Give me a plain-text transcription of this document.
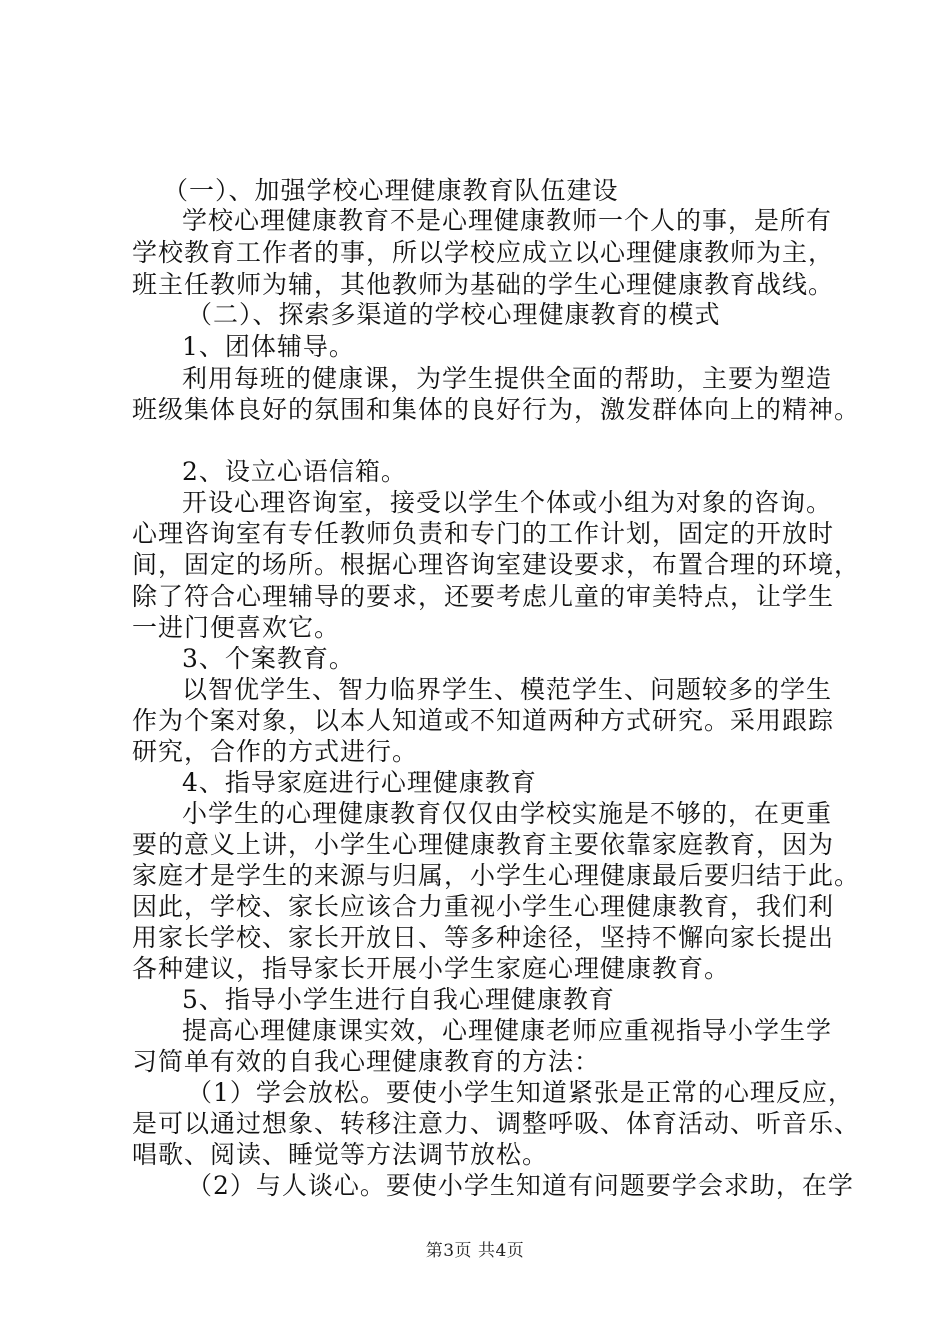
（一）、加强学校心理健康教育队伍建设
学校心理健康教育不是心理健康教师一个人的事，是所有
学校教育工作者的事，所以学校应成立以心理健康教师为主，
班主任教师为辅，其他教师为基础的学生心理健康教育战线。
（二）、探索多渠道的学校心理健康教育的模式
1、团体辅导。
利用每班的健康课，为学生提供全面的帮助，主要为塑造
班级集体良好的氛围和集体的良好行为，激发群体向上的精神。
2、设立心语信箱。
开设心理咨询室，接受以学生个体或小组为对象的咨询。
心理咨询室有专任教师负责和专门的工作计划，固定的开放时
间，固定的场所。根据心理咨询室建设要求，布置合理的环境，
除了符合心理辅导的要求，还要考虑儿童的审美特点，让学生
一进门便喜欢它。
3、个案教育。
以智优学生、智力临界学生、模范学生、问题较多的学生
作为个案对象，以本人知道或不知道两种方式研究。采用跟踪
研究，合作的方式进行。
4、指导家庭进行心理健康教育
小学生的心理健康教育仅仅由学校实施是不够的，在更重
要的意义上讲，小学生心理健康教育主要依靠家庭教育，因为
家庭才是学生的来源与归属，小学生心理健康最后要归结于此。
因此，学校、家长应该合力重视小学生心理健康教育，我们利
用家长学校、家长开放日、等多种途径，坚持不懈向家长提出
各种建议，指导家长开展小学生家庭心理健康教育。
5、指导小学生进行自我心理健康教育
提高心理健康课实效，心理健康老师应重视指导小学生学
习简单有效的自我心理健康教育的方法：
（1）学会放松。要使小学生知道紧张是正常的心理反应，
是可以通过想象、转移注意力、调整呼吸、体育活动、听音乐、
唱歌、阅读、睡觉等方法调节放松。
（2）与人谈心。要使小学生知道有问题要学会求助，在学
第3页 共4页
